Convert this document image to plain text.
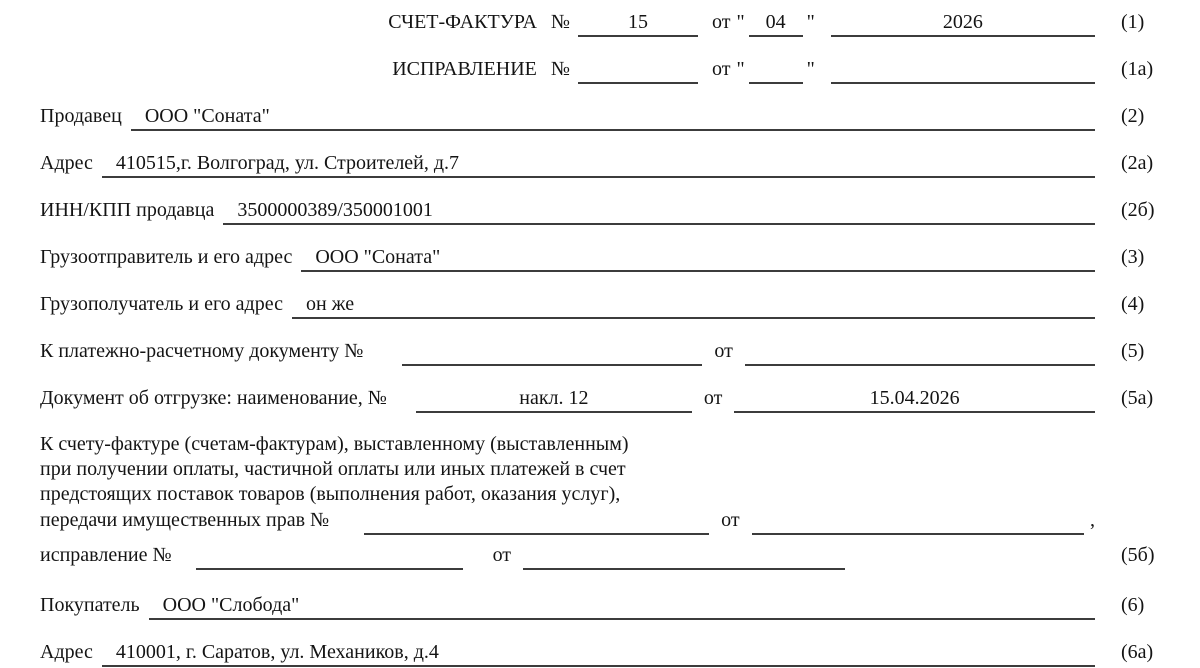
СЧЕТ-ФАКТУРА №	15	от "	04	"	2026	(1)
ИСПРАВЛЕНИЕ №	от "	"	(1а)
Продавец	ООО "Соната"	(2)
Адрес	410515,г. Волгоград, ул. Строителей, д.7	(2а)
ИНН/КПП продавца	3500000389/350001001	(2б)
Грузоотправитель и его адрес	ООО "Соната"	(3)
Грузополучатель и его адрес	он же	(4)
К платежно-расчетному документу №	от	(5)
Документ об отгрузке: наименование, №	накл. 12	от	15.04.2026	(5а)
К счету-фактуре (счетам-фактурам), выставленному (выставленным)
при получении оплаты, частичной оплаты или иных платежей в счет
предстоящих поставок товаров (выполнения работ, оказания услуг),
передачи имущественных прав №	от	,
исправление №	от	(5б)
Покупатель	ООО "Слобода"	(6)
Адрес	410001, г. Саратов, ул. Механиков, д.4	(6а)
